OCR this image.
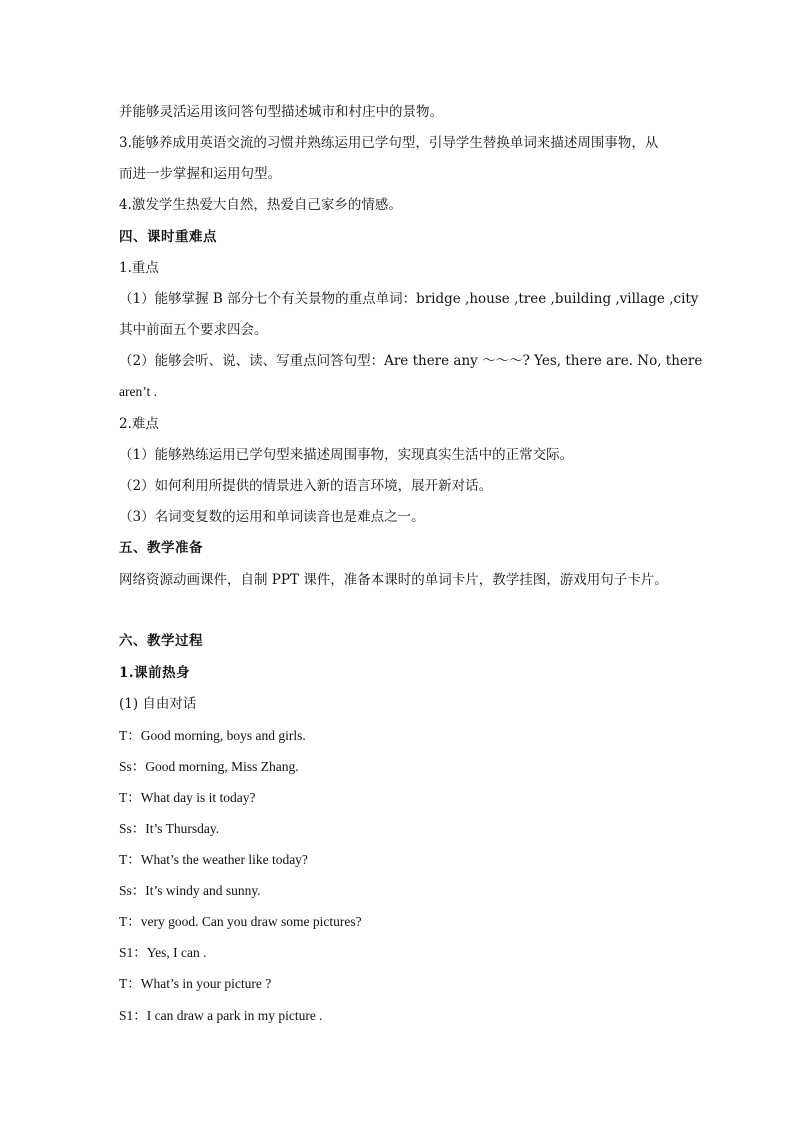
并能够灵活运用该问答句型描述城市和村庄中的景物。
3.能够养成用英语交流的习惯并熟练运用已学句型，引导学生替换单词来描述周围事物，从
而进一步掌握和运用句型。
4.激发学生热爱大自然，热爱自己家乡的情感。
四、课时重难点
1.重点
（1）能够掌握 B 部分七个有关景物的重点单词：bridge ,house ,tree ,building ,village ,city
其中前面五个要求四会。
（2）能够会听、说、读、写重点问答句型：Are there any ～～～? Yes, there are. No, there
aren’t .
2.难点
（1）能够熟练运用已学句型来描述周围事物，实现真实生活中的正常交际。
（2）如何利用所提供的情景进入新的语言环境，展开新对话。
（3）名词变复数的运用和单词读音也是难点之一。
五、教学准备
网络资源动画课件，自制 PPT 课件，准备本课时的单词卡片，教学挂图，游戏用句子卡片。
六、教学过程
1.课前热身
(1) 自由对话
T：Good morning, boys and girls.
Ss：Good morning, Miss Zhang.
T：What day is it today?
Ss：It’s Thursday.
T：What’s the weather like today?
Ss：It’s windy and sunny.
T：very good. Can you draw some pictures?
S1：Yes, I can .
T：What’s in your picture ?
S1：I can draw a park in my picture .
